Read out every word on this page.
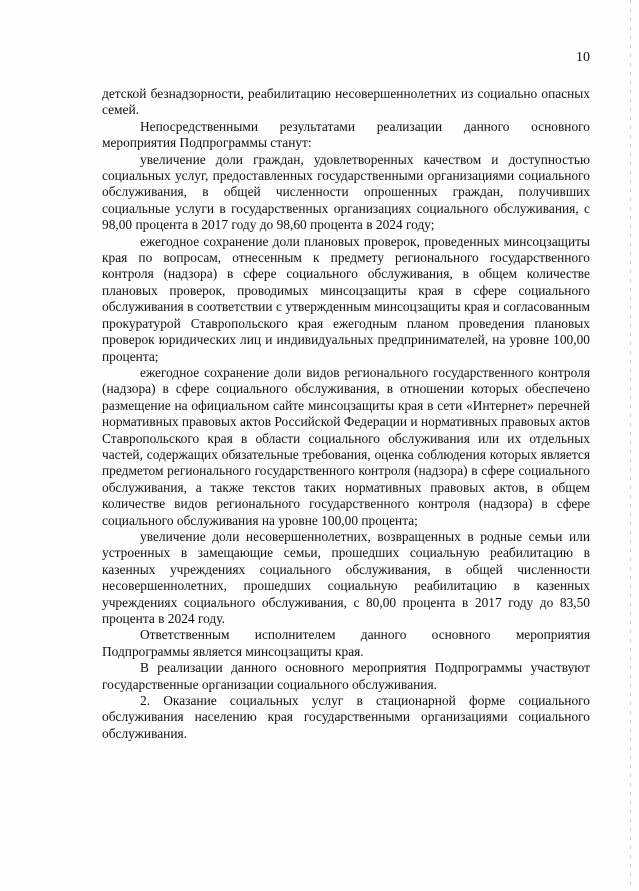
10

детской безнадзорности, реабилитацию несовершеннолетних из социально опасных семей.

Непосредственными результатами реализации данного основного мероприятия Подпрограммы станут:

увеличение доли граждан, удовлетворенных качеством и доступностью социальных услуг, предоставленных государственными организациями социального обслуживания, в общей численности опрошенных граждан, получивших социальные услуги в государственных организациях социального обслуживания, с 98,00 процента в 2017 году до 98,60 процента в 2024 году;

ежегодное сохранение доли плановых проверок, проведенных минсоцзащиты края по вопросам, отнесенным к предмету регионального государственного контроля (надзора) в сфере социального обслуживания, в общем количестве плановых проверок, проводимых минсоцзащиты края в сфере социального обслуживания в соответствии с утвержденным минсоцзащиты края и согласованным прокуратурой Ставропольского края ежегодным планом проведения плановых проверок юридических лиц и индивидуальных предпринимателей, на уровне 100,00 процента;

ежегодное сохранение доли видов регионального государственного контроля (надзора) в сфере социального обслуживания, в отношении которых обеспечено размещение на официальном сайте минсоцзащиты края в сети «Интернет» перечней нормативных правовых актов Российской Федерации и нормативных правовых актов Ставропольского края в области социального обслуживания или их отдельных частей, содержащих обязательные требования, оценка соблюдения которых является предметом регионального государственного контроля (надзора) в сфере социального обслуживания, а также текстов таких нормативных правовых актов, в общем количестве видов регионального государственного контроля (надзора) в сфере социального обслуживания на уровне 100,00 процента;

увеличение доли несовершеннолетних, возвращенных в родные семьи или устроенных в замещающие семьи, прошедших социальную реабилитацию в казенных учреждениях социального обслуживания, в общей численности несовершеннолетних, прошедших социальную реабилитацию в казенных учреждениях социального обслуживания, с 80,00 процента в 2017 году до 83,50 процента в 2024 году.

Ответственным исполнителем данного основного мероприятия Подпрограммы является минсоцзащиты края.

В реализации данного основного мероприятия Подпрограммы участвуют государственные организации социального обслуживания.

2. Оказание социальных услуг в стационарной форме социального обслуживания населению края государственными организациями социального обслуживания.
